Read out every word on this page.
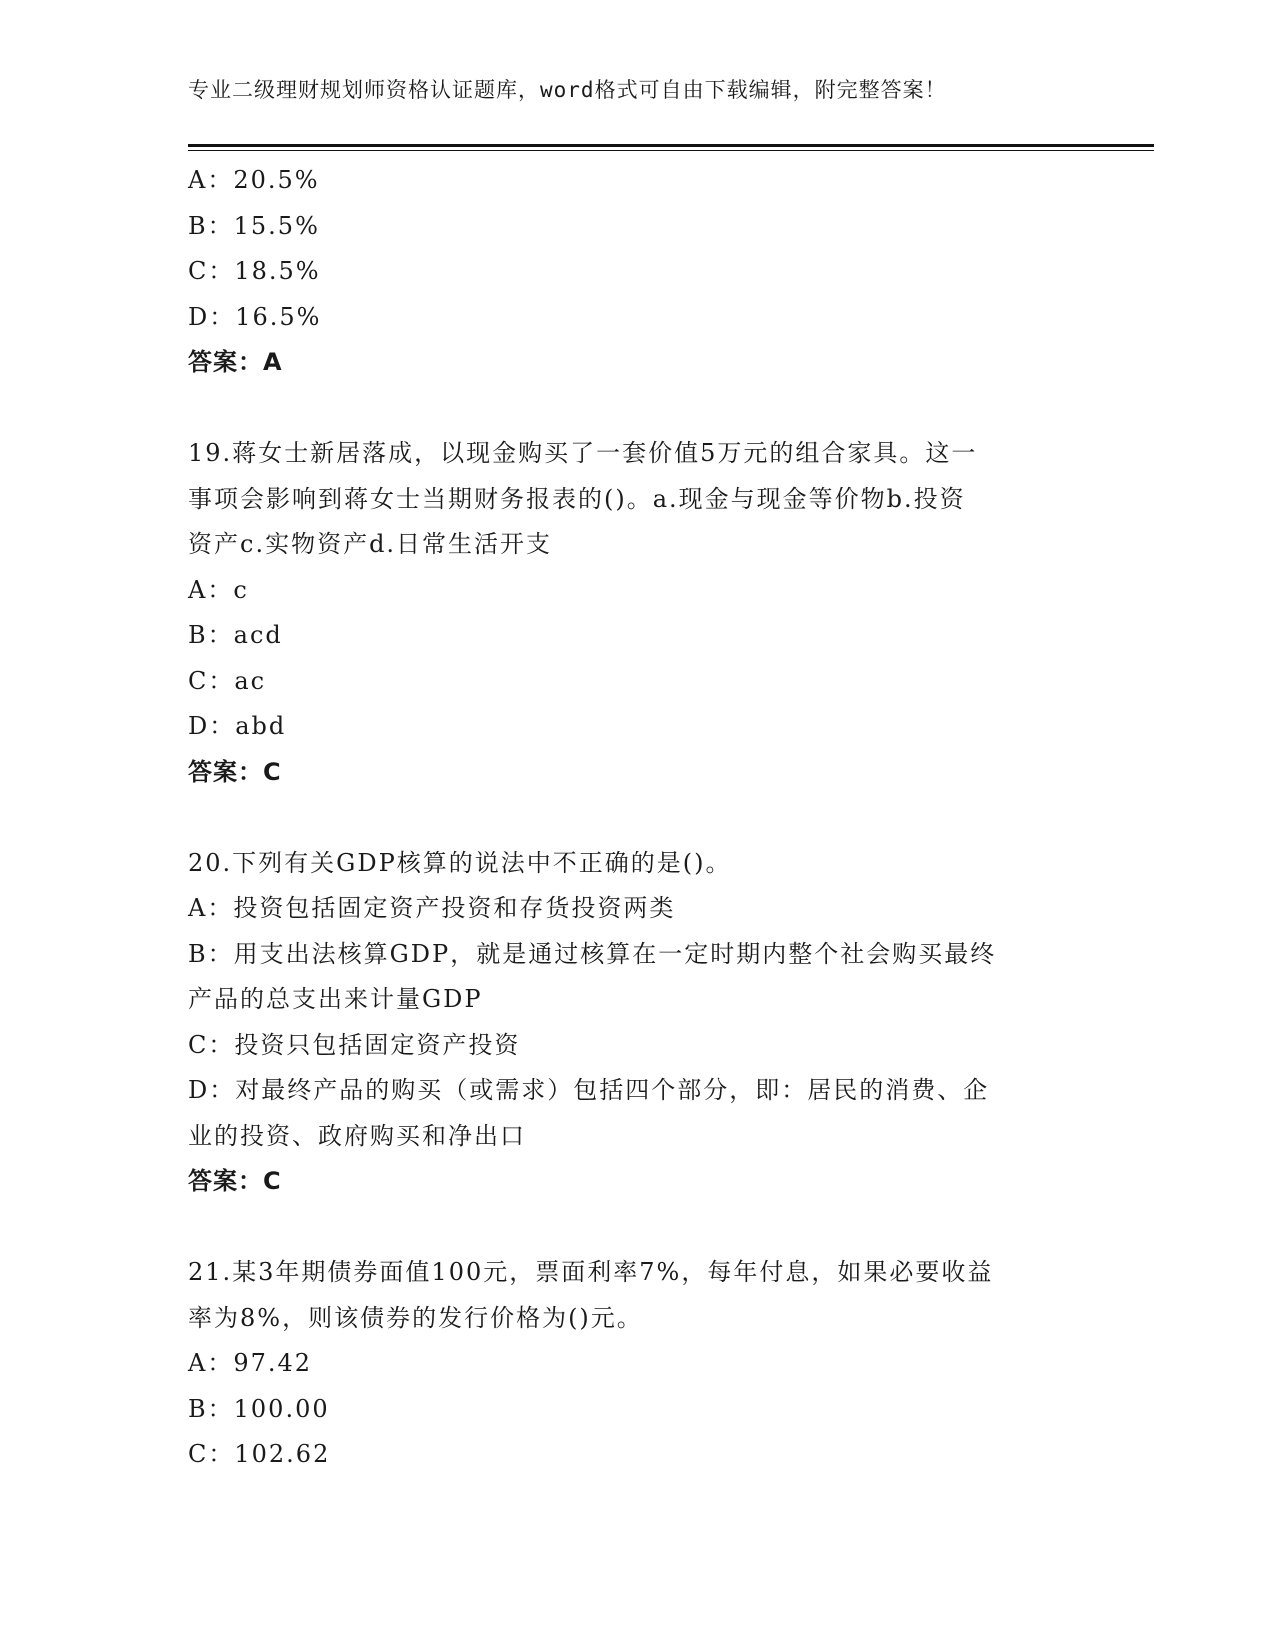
专业二级理财规划师资格认证题库，word格式可自由下载编辑，附完整答案！
A：20.5%
B：15.5%
C：18.5%
D：16.5%
答案：A
19.蒋女士新居落成，以现金购买了一套价值5万元的组合家具。这一
事项会影响到蒋女士当期财务报表的()。a.现金与现金等价物b.投资
资产c.实物资产d.日常生活开支
A：c
B：acd
C：ac
D：abd
答案：C
20.下列有关GDP核算的说法中不正确的是()。
A：投资包括固定资产投资和存货投资两类
B：用支出法核算GDP，就是通过核算在一定时期内整个社会购买最终
产品的总支出来计量GDP
C：投资只包括固定资产投资
D：对最终产品的购买（或需求）包括四个部分，即：居民的消费、企
业的投资、政府购买和净出口
答案：C
21.某3年期债券面值100元，票面利率7%，每年付息，如果必要收益
率为8%，则该债券的发行价格为()元。
A：97.42
B：100.00
C：102.62
